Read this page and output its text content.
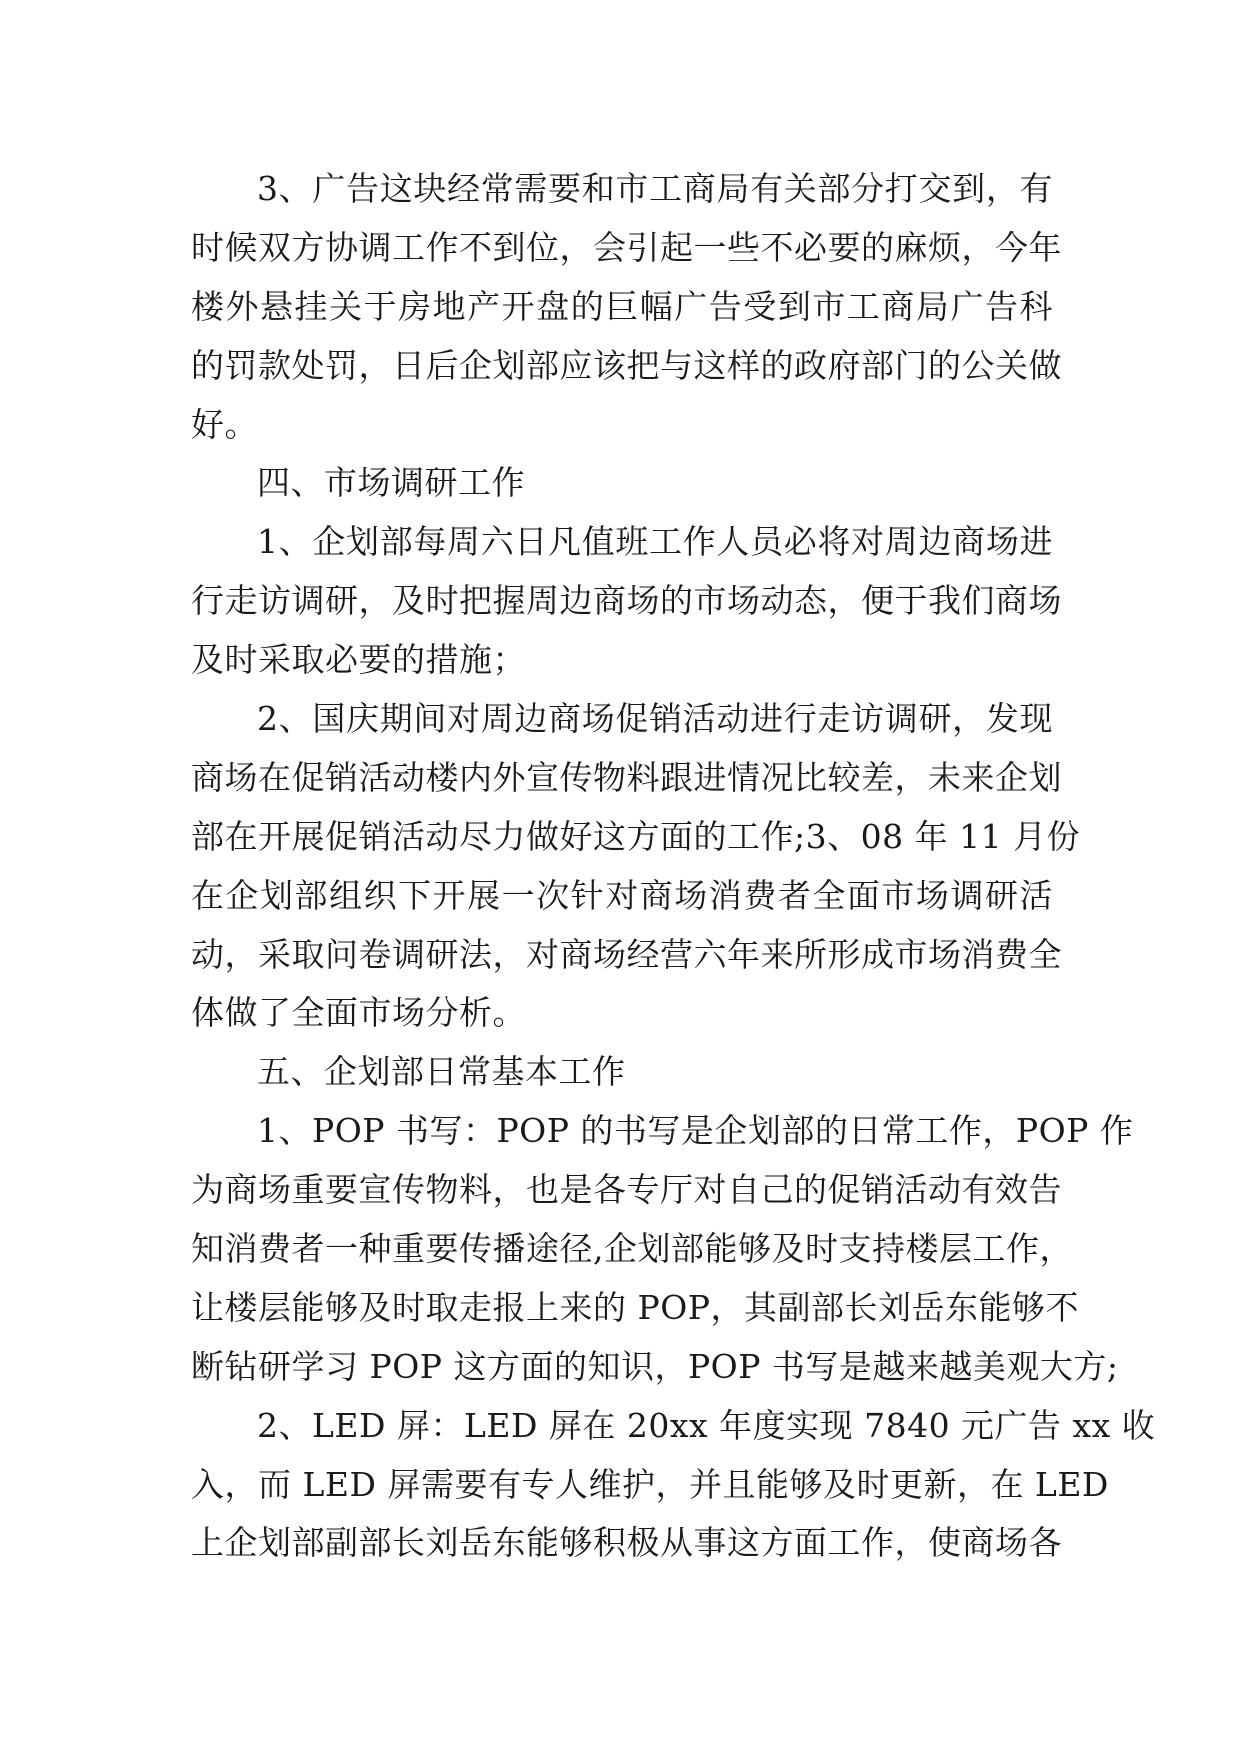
3、广告这块经常需要和市工商局有关部分打交到，有
时候双方协调工作不到位，会引起一些不必要的麻烦，今年
楼外悬挂关于房地产开盘的巨幅广告受到市工商局广告科
的罚款处罚，日后企划部应该把与这样的政府部门的公关做
好。
四、市场调研工作
1、企划部每周六日凡值班工作人员必将对周边商场进
行走访调研，及时把握周边商场的市场动态，便于我们商场
及时采取必要的措施；
2、国庆期间对周边商场促销活动进行走访调研，发现
商场在促销活动楼内外宣传物料跟进情况比较差，未来企划
部在开展促销活动尽力做好这方面的工作;3、08 年 11 月份
在企划部组织下开展一次针对商场消费者全面市场调研活
动，采取问卷调研法，对商场经营六年来所形成市场消费全
体做了全面市场分析。
五、企划部日常基本工作
1、POP 书写：POP 的书写是企划部的日常工作，POP 作
为商场重要宣传物料，也是各专厅对自己的促销活动有效告
知消费者一种重要传播途径,企划部能够及时支持楼层工作，
让楼层能够及时取走报上来的 POP，其副部长刘岳东能够不
断钻研学习 POP 这方面的知识，POP 书写是越来越美观大方;
2、LED 屏：LED 屏在 20xx 年度实现 7840 元广告 xx 收
入，而 LED 屏需要有专人维护，并且能够及时更新，在 LED
上企划部副部长刘岳东能够积极从事这方面工作，使商场各
